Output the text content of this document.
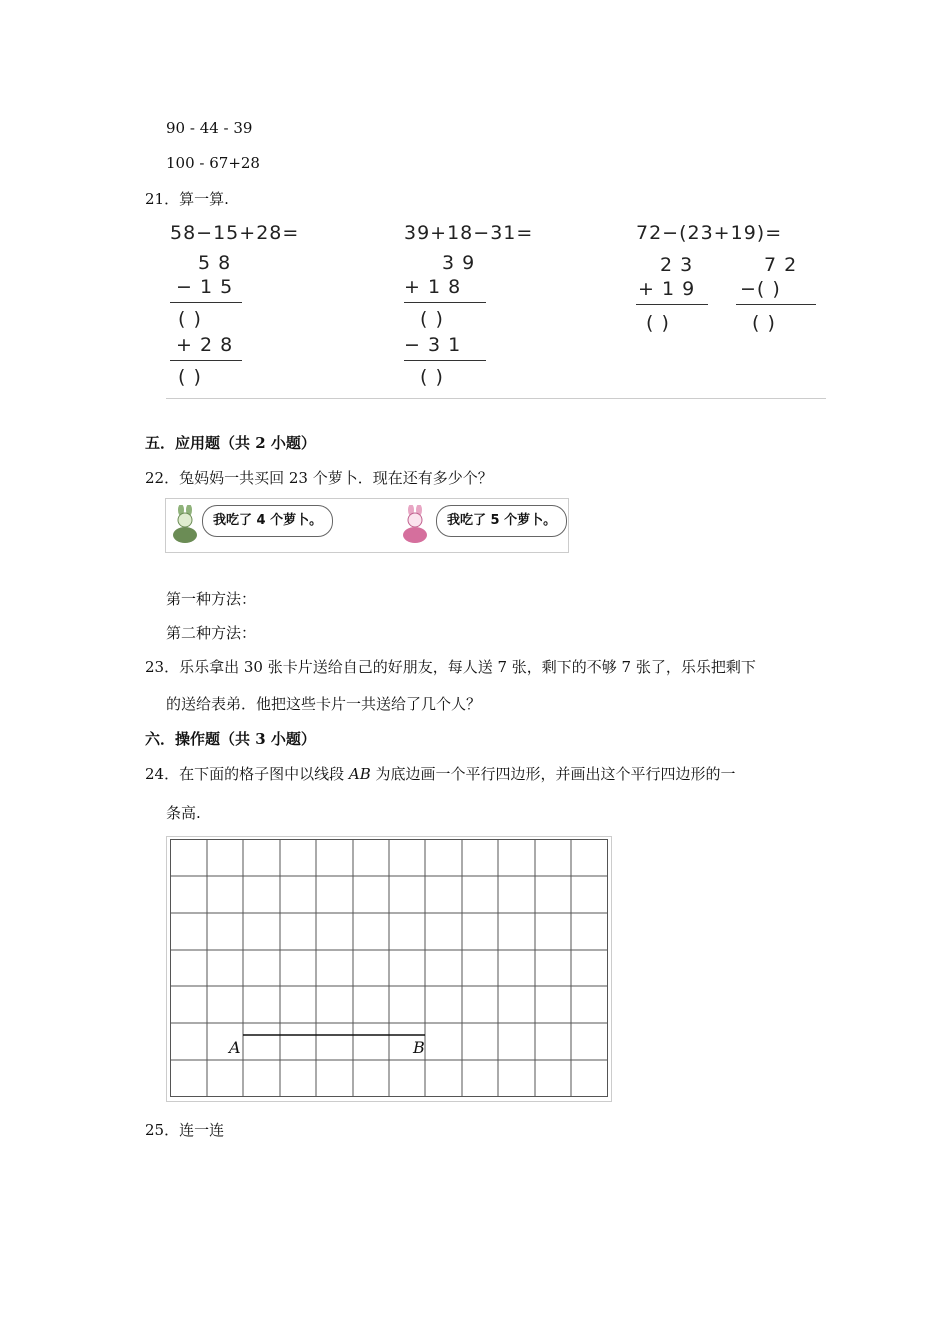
90 - 44 - 39
100 - 67+28
21．算一算.
58−15+28=
5 8
− 1 5
( )
+ 2 8
( )
39+18−31=
3 9
+ 1 8
( )
− 3 1
( )
72−(23+19)=
2 3
+ 1 9
( )
7 2
−( )
( )
五．应用题（共 2 小题）
22．兔妈妈一共买回 23 个萝卜．现在还有多少个？
我吃了 4 个萝卜。	我吃了 5 个萝卜。
第一种方法：
第二种方法：
23．乐乐拿出 30 张卡片送给自己的好朋友，每人送 7 张，剩下的不够 7 张了，乐乐把剩下
的送给表弟．他把这些卡片一共送给了几个人？
六．操作题（共 3 小题）
24．在下面的格子图中以线段 AB 为底边画一个平行四边形，并画出这个平行四边形的一
条高.
A	B
25．连一连
